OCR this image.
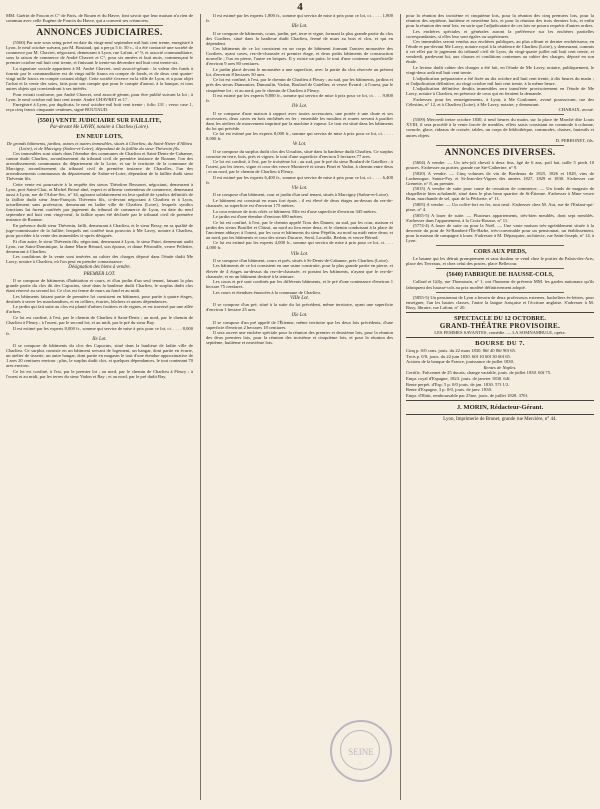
4

MM. Guérin de Foucin et C° de Paris, de Rouen et du Havre, font savoir que leur maison n'a rien de commun avec celle Eugène de Foucin du Havre, qui a converti ses créanciers.

ANNONCES JUDICIAIRES.

(5560) Par acte sous seing privé en date du vingt-neuf septembre mil huit cent trente, enregistré à Lyon, le neuf octobre suivant, par M. Boutaud, qui a perçu 5 fr. 50 c., il a été contracté une société de commerce par M. Chavret, négociant, demeurant à Lyon, rue Lafont, n° 9, et associé commanditaire, sous la raison de commerce de André Chavret et C°, pour six années et huit mois, commençant le premier octobre mil huit cent trente, et finissant le trente-un décembre mil huit cent trente-six.

La signature sociale appartient à M. André Chavret, seul associé-gérant : la valeur des fonds à fournir par le commanditaire est de vingt mille francs en compte de fonds, et de deux cent quatre-vingt mille francs en compte courant obligé. Cette société s'exerce en la ville de Lyon, et a pour objet l'achat et la vente des soies, faits pour son compte que pour le compte d'autrui, à la banque, et tous autres objets qui conviendront à ses intérêts.

Pour extrait conforme, par André Chavret, seul associé gérant, pour être publié suivant la loi ; à Lyon, le neuf octobre mil huit cent trente. André CHAVRET et C°.

Enregistré à Lyon, par duplicata, le neuf octobre mil huit cent trente ; folio 131 ; verso case 1, reçu cinq francs cinquante centimes, signé BOUTAUD.

(5501) VENTE JUDICIAIRE SUR FAILLITE,
Par-devant Me LAVRY, notaire à Charlieu (Loire).
EN NEUF LOTS,

De grands bâtiments, jardins, usines et autres immeubles, situés à Charlieu, du Saint-Nizier d'Albieu (Loire), et de Marcigny (Saône-et-Loire), dépendant de la faillite du sieur Thévenin fils.

Ces immeubles sont situés dans l'étendue des communes de Charlieu et Saint-Denis-de-Cabanne, canton dudit Charlieu, arrondissement du tribunal civil de première instance de Roanne, l'un des arrondissements communaux du département de la Loire, et sur le territoire de la commune de Marcigny, arrondissement du tribunal civil de première instance de Charolles, l'un des arrondissements communaux du département de Saône-et-Loire, dépendant de la faillite dudit sieur Thévenin fils.

Cette vente est poursuivie à la requête des sieurs Théodore Bessonet, négociant, demeurant à Lyon, port Saint-Clair, et Michel Brissé aîné, expert et affineur contentieux de commerce, demeurant aussi à Lyon, rue de l'Arbre-Sec, n° 34, agissant solidairement en leur qualité de syndics définitifs de la faillite dudit sieur Jean-François Thévenin fils, ci-devant négociant à Charlieu et à Lyon, actuellement sans profession, demeurant en ladite ville de Charlieu (Loire), lesquels syndics fonctions lui furent conférés par jugement du tribunal de commerce de Lyon, en date du neuf septembre mil huit cent vingt-neuf, la faillite ayant été déclarée par le tribunal civil de première instance de Roanne.

En présence dudit sieur Thévenin, failli, demeurant à Charlieu, et le sieur Bessy, en sa qualité de juge-commissaire de la faillite; lesquels ont conféré tous pouvoirs à Me Lavry, notaire à Charlieu, pour procéder à la vente des immeubles ci-après désignés.

Et d'un autre, le sieur Thévenin fils, négociant, demeurant à Lyon, le sieur Patot, demeurant audit Lyon, rue Saint-Dominique, la dame Marie Béraud, son épouse, et dame Pétronille, veuve Pelletier, demeurant à Charlieu.

Les conditions de la vente sont insérées au cahier des charges déposé dans l'étude dudit Me Lavry, notaire à Charlieu, où l'on peut en prendre connaissance.

Désignation des biens à vendre.
PREMIER LOT.

Il se compose de bâtiments d'habitation et cours, et d'un jardin d'un seul tenant, faisant la plus grande partie du clos dit des Capucins, situé dans la banlieue dudit Charlieu, le surplus dudit clos étant réservé au second lot. Ce clos est ferme de murs au fond et au midi.

Les bâtiments faisant partie de première lot consistent en bâtiment, pour partie à quatre étages, destinés à serrer les marchandises, et en celliers, écuries, bûchers et autres dépendances.

Le jardin qui fait suite au clos est planté d'arbres fruitiers et de vignes, et est traversé par une allée d'arbres.

Ce lot est confiné, à l'est, par le chemin de Charlieu à Saint-Denis ; au nord, par le chemin de Charlieu à Fleury ; à l'ouest, par le second lot; et au midi, par le pré du sieur Bay.

Il est estimé par les experts 8,000 fr., somme qui servira de mise à prix pour ce lot, ci. . . . . 8,000 fr.

IIe Lot.

Il se compose de bâtiments du clos des Capucins, situé dans la banlieue de ladite ville de Charlieu. Ce surplus consiste en un bâtiment servant de logement, un hangar, dont partie en écurie, un atelier de tisserie, un autre hangar, dont partie en magasin le tout d'une étendue approximative de 1 ares 20 centiares environ ; plus, le surplus dudit clos, et quelques dépendances, le tout contenant 70 ares environ.

Ce lot est confiné, à l'est, par le premier lot ; au nord, par le chemin de Charlieu à Fleury ; à l'ouest et au midi, par les terres du sieur Vadon et Bay ; et au nord, par le pré dudit Bay.

Il est estimé par les experts 1,800 fr., somme qui servira de mise à prix pour ce lot, ci. . . . . 1,800 fr.

IIIe Lot.

Il se compose de bâtiments, cours, jardin, pré, terre et vigne, formant la plus grande partie du clos des Cordiers, situé dans la banlieue dudit Charlieu, fermé de murs au bois et clos, et qui en dépendent.

Ces bâtiments de ce lot consistent en un corps de bâtiment formant l'ancien monastère des Cordiers, ayant caves, rez-de-chaussée et premier étage, et deux petits bâtiments de construction nouvelle ; l'un en pierre, l'autre en briques. Il y existe un puits; le tout d'une contenue superficielle d'environ 9 ares 80 centiares.

Le jardin placé devant le monastère a une superficie, avec la partie du clos réservée au présent lot, d'environ 8 hectares 50 ares.

Ce lot est confiné, à l'est, par le chemin de Charlieu à Fleury ; au sud, par les bâtiments, jardins et prés des sieurs Dumontier, Dumoulin, Vadon, Boulard de Gatellier, et veuve Évrard ; à l'ouest, par le cinquième lot ; et au nord, par le chemin de Charlieu à Fleury.

Il est estimé par les experts 9,800 fr., somme qui servira de mise à prix pour ce lot, ci. . . . 9,800 fr.

IVe Lot.

Il se compose d'une maison à rapport avec toutes accessoires, une portée à une chute et ses accessoires, deux caves en bois enchênés en fer ; ensemble les moulins et rouets servant à purifier dans les ateliers de mouvement imprimé par la machine à vapeur. Le tout est situé dans les bâtiments du lot qui précède.

Ce lot est estimé par les experts 8,000 fr., somme qui servira de mise à prix pour ce lot, ci. . . . . 8,000 fr.

Ve Lot.

Il se compose du surplus dudit clos des Ursulins, situé dans la banlieue dudit Charlieu. Ce surplus consiste en terre, bois, prés et vignes; le tout d'une superficie d'environ 5 hectares 77 ares.

Ce lot est confiné, à l'est, par le troisième lot ; au sud, par le pré du sieur Boulard de Gatellier ; à l'ouest, par les terres, vigne et cour des veuve Montrevé et sieurs Pinet et Vadon, à chemin entre deux ; et au nord, par le chemin de Charlieu à Fleury.

Il est estimé par les experts 6,400 fr., somme qui servira de mise à prix pour ce lot, ci. . . . . 6,400 fr.

VIe Lot.

Il se compose d'un bâtiment, cour et jardin d'un seul tenant, situés à Marcigny (Saône-et-Loire).

Le bâtiment est construit en murs fort épais ; il est élevé de deux étages au-dessus du rez-de-chaussée, sa superficie est d'environ 175 mètres.

La cour entoure de trois côtés ce bâtiment. Elle est d'une superficie d'environ 345 mètres.

Le jardin est d'une étendue d'environ 690 mètres.

Ce lot est confiné, à l'est, par le chemin appelé Trou des Dames; au sud, par les cour, maison et jardin des sieurs Bouillet et Chizat, au nord au lieu entre deux, et le chemin conduisant à la place de l'ancienne abbaye; à l'ouest, par les cour et bâtiments du sieur Pépéfin, au nord au midi entre deux; et au nord, par les bâtiments et cour des sieurs Ducarre, Seral, Locaille, Berbin, et veuve Bérard.

Ce lot est estimé par les experts 4,000 fr., somme qui servira de mise à prix pour ce lot, ci. . . . 4,000 fr.

VIIe Lot.

Il se compose d'un bâtiment, cours et prés, situés à St-Denis-de-Cabanne, près Charlieu (Loire).

Les bâtiments de ce lot consistent en une usine construite, pour la plus grande partie en pierre, et élevée de 4 étages au-dessus du rez-de-chaussée, et portant les bâtiments, n'ayant que le rez-de-chaussée; et en un bâtiment destiné à la teinture.

Les cours et pré sont confinés par les différents bâtiments, et le pré d'une contenance d'environ 1 hectare 75 centiares.

Les cours et étendues énoncées à la commune de Charlieu.

VIIIe Lot.

Il se compose d'un pré, situé à la suite du lot précédent, même territoire, ayant une superficie d'environ 1 hectare 25 ares.

IXe Lot.

Il se compose d'un pré appelé de l'Étienne, même territoire que les deux lots précédents, d'une superficie d'environ 2 hectares 18 centiares.

Il sera ouvert une enchère spéciale pour la réunion des premier et deuxième lots, pour la réunion des deux premiers lots, pour la réunion des troisième et cinquième lots, et pour la réunion des septième, huitième et neuvième lots.

pour la réunion des troisième et cinquième lots, pour la réunion des cinq premiers lots, pour la réunion des septième, huitième et neuvième lots, et pour la réunion des trois derniers lots, et enfin pour la réunion des neuf lots, en sorte que l'adjudicataire de ces lots ne pourra requérir d'autres ordres.

Les enchères spéciales et générales auront la préférence sur les enchères partielles correspondantes, si elles leur sont égales ou supérieures.

Ces immeubles seront vendus aux enchères publiques, au plus offrant et dernier enchérisseur, en l'étude et par-devant Me Lavry, notaire royal à la résidence de Charlieu (Loire), y demeurant, commis à cet effet par le jugement du tribunal civil de Lyon, du vingt-quatre juillet mil huit cent trente, et vendredi, pardevant lui, aux clauses et conditions contenues au cahier des charges, déposé en son étude.

Le lecteur dudit cahier des charges a été fait, en l'étude de Me Lavry, notaire, publiquement, le vingt-deux août mil huit cent trente.

L'adjudication préparatoire a été fixée au dix octobre mil huit cent trente, à dix heures du matin ; et l'adjudication définitive, au vingt octobre mil huit cent trente, à la même heure.

L'adjudication définitive desdits immeubles sera transférée provisoirement en l'étude de Me Lavry, notaire à Charlieu, en présence de ceux qui en feraient la demande.

S'adresser, pour les renseignements, à Lyon, à Me Coulonnet, avoué poursuivant, rue des Célestins, n° 12, et à Charlieu (Loire), à Me Lavry, notaire, y demeurant.

CHARAIX, avoué.

(5509) Mercredi treize octobre 1830, à neuf heures du matin, sur la place de Marché dite Louis XVIII, il sera procédé à la vente forcée de meubles, effets saisis consistant en commode à colonne, console, glace, rideaux de croisée, tables, un corps de bibliothèque, commodes, chaises, fauteuils et autres objets.

D. PERRONET, fils.

ANNONCES DIVERSES.

(5604) A vendre. — Un très-joli cheval à deux fins, âgé de 6 ans, poil bai, taille 5 pieds 10 pouces. S'adresser au portier, grande rue Ste-Catherine, n° 9.

(5820) A vendre. — Cinq volumes de vin de Bordeaux de 1825, 1826 et 1828, vins de Lachenogue, Sainte-Foy et St-Jean-des-Vignes des années 1827, 1829 et 1830. S'adresser rue Grenette, n° 8, au premier.

(5815) A vendre de suite pour cause de cessation de commerce. — Un fonds de magasin de chapellerie bien achalandé, situé dans le plus beau quartier de St-Étienne. S'adresser à Mme veuve Brun, marchande de sel, quai de la Pêcherie, n° 11.

(5805) A vendre. — Un coffre-fort en fer, tout neuf. S'adresser chez M. Aut, rue de l'Enfant-qui-pisse, n° 4.

(5855-5) A louer de suite. — Plusieurs appartements, très-bien meublés, dont sept meublés. S'adresser dans l'appartement, à la Croix-Rousse, n° 11.

(5774-4) A louer de suite ou pour la Noël. — Une vaste maison très-agréablement située à la descente du pont de St-Rambert-l'Île-Barbe, très-convenable pour un pensionnat, un établissement, pour la maison de campagne à louer. S'adresser à M. Dépasquier, architecte, rue Saint-Joseph, n° 14, à Lyon.

CORS AUX PIEDS,

Le baume qui les détruit promptement et sans douleur se vend chez le portier du Palais-des-Arts, place des Terreaux, et chez celui des postes, place Bellecour.

(5640) FABRIQUE DE HAUSSE-COLS,

Callard et Gilly, rue Thomassin, n° 1, ont l'honneur de prévenir MM. les gardes nationaux qu'ils fabriquent des hausse-cols au prix modéré définitivement adopté.

(5855-5) Un pensionnat de Lyon a besoin de deux professeurs externes, bacheliers ès-lettres, pour enseigner, l'un les hautes classes, l'autre la langue française et l'écriture anglaise. S'adresser à M. Rusy, libraire, rue Lafont, n° 20.

SPECTACLE DU 12 OCTOBRE.
GRAND-THÉÂTRE PROVISOIRE.

LES FEMMES SAVANTES, comédie. — LA SOMNAMBULE, opéra.

BOURSE DU 7.

Cinq p. 0/0 cons. jouis. du 22 mars 1830. 86f 40 86f 90f 65.

Trois p. 0/0, jouis. du 22 juin 1830. 60f 10 60f 30 60f 65.

Actions de la banque de France, jouissance de juillet 1830.

Rentes de Naples.

Certific. Falconnet de 25 ducats, change variable, jouis. de juillet 1830. 60f 75.

Empr. royal d'Espagne, 1823. jouis. de janvier 1830. 64f.

Rente perpét. d'Esp. 5 p. 0/0 jouis. de jan. 1830. 57f 1/2.

Rente d'Espagne, 3 p. 0/0, jouis. de janv. 1830.

Empr. d'Haïti, remboursable par 25me, jouis. de juillet 1828. 370f.

J. MORIN, Rédacteur-Gérant.
Lyon, Imprimerie de Brunet, grande rue Mercière, n° 44.
SEINE
